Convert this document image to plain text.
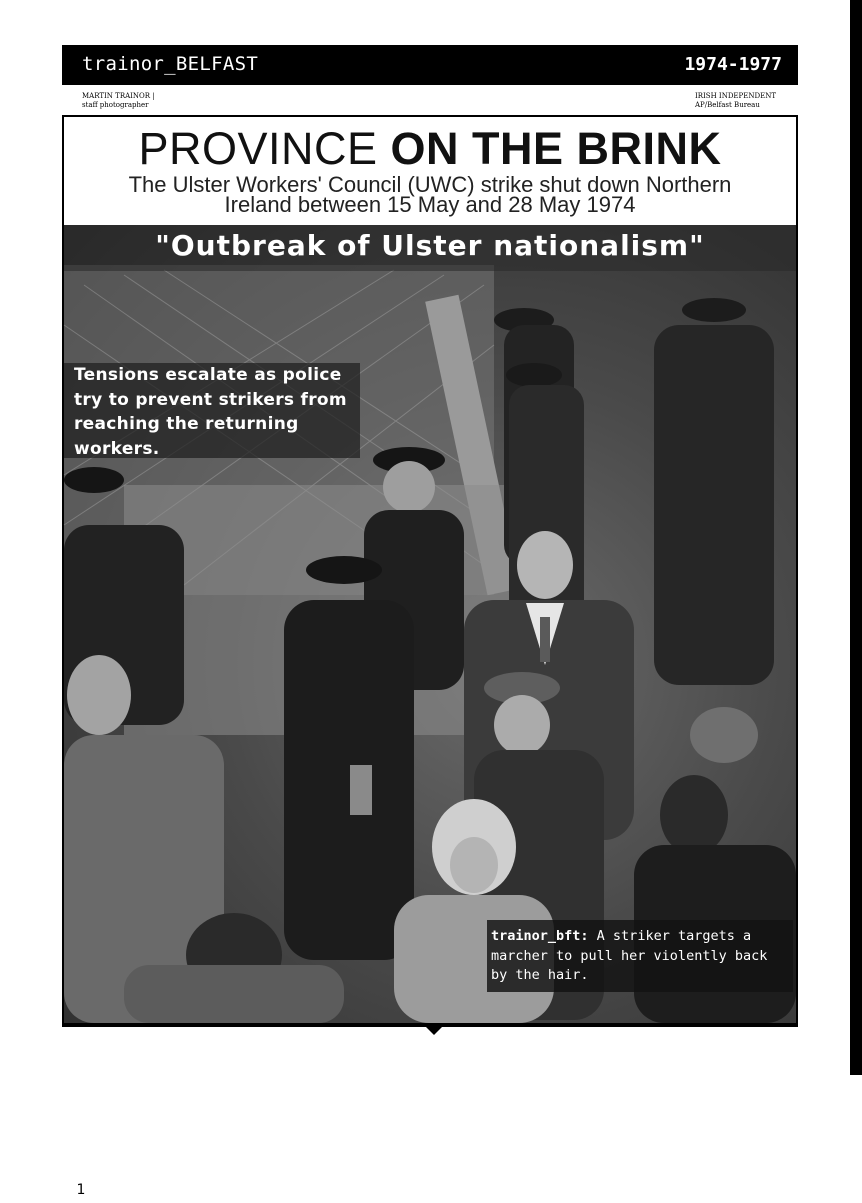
trainor_BELFAST	1974-1977
MARTIN TRAINOR |
staff photographer
IRISH INDEPENDENT
AP/Belfast Bureau
PROVINCE ON THE BRINK

The Ulster Workers' Council (UWC) strike shut down Northern Ireland between 15 May and 28 May 1974

"Outbreak of Ulster nationalism"
Tensions escalate as police try to prevent strikers from reaching the returning workers.
trainor_bft: A striker targets a marcher to pull her violently back by the hair.
1
